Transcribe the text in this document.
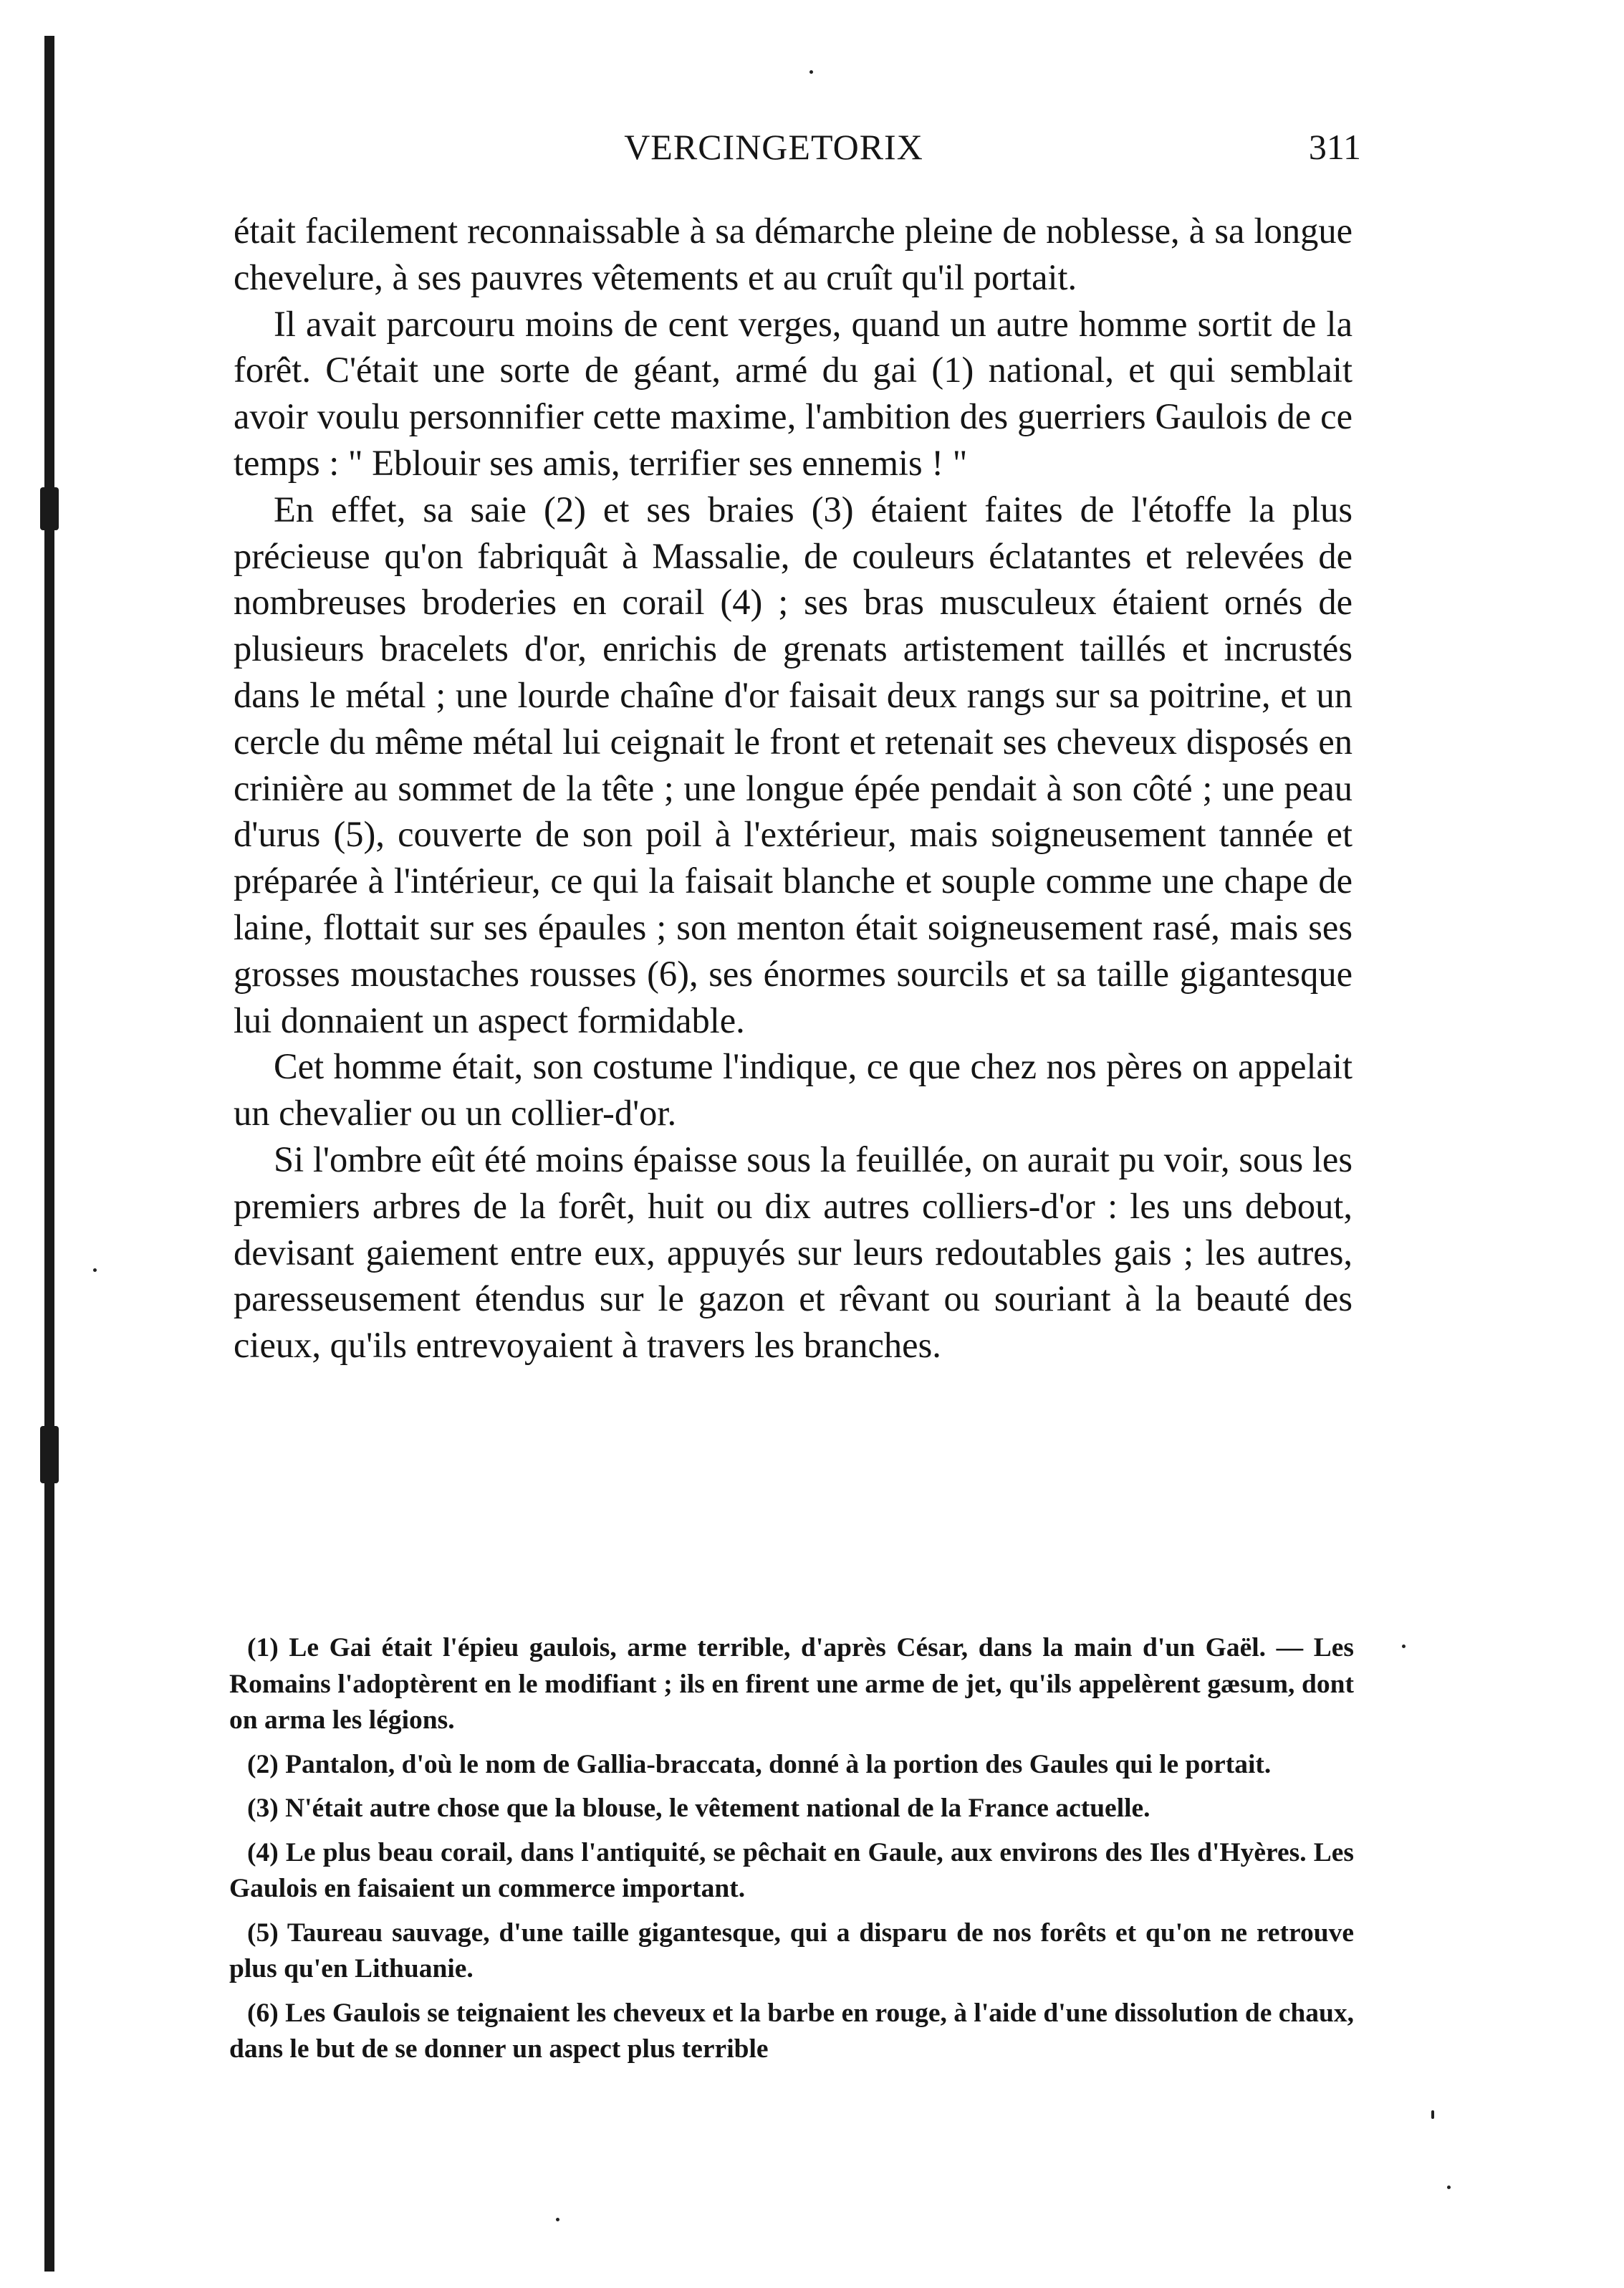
VERCINGETORIX	311

était facilement reconnaissable à sa démarche pleine de noblesse, à sa longue chevelure, à ses pauvres vêtements et au cruît qu'il portait.

Il avait parcouru moins de cent verges, quand un autre homme sortit de la forêt. C'était une sorte de géant, armé du gai (1) national, et qui semblait avoir voulu personnifier cette maxime, l'ambition des guerriers Gaulois de ce temps : " Eblouir ses amis, terrifier ses ennemis ! "

En effet, sa saie (2) et ses braies (3) étaient faites de l'étoffe la plus précieuse qu'on fabriquât à Massalie, de couleurs éclatantes et relevées de nombreuses broderies en corail (4) ; ses bras musculeux étaient ornés de plusieurs bracelets d'or, enrichis de grenats artistement taillés et incrustés dans le métal ; une lourde chaîne d'or faisait deux rangs sur sa poitrine, et un cercle du même métal lui ceignait le front et retenait ses cheveux disposés en crinière au sommet de la tête ; une longue épée pendait à son côté ; une peau d'urus (5), couverte de son poil à l'extérieur, mais soigneusement tannée et préparée à l'intérieur, ce qui la faisait blanche et souple comme une chape de laine, flottait sur ses épaules ; son menton était soigneusement rasé, mais ses grosses moustaches rousses (6), ses énormes sourcils et sa taille gigantesque lui donnaient un aspect formidable.

Cet homme était, son costume l'indique, ce que chez nos pères on appelait un chevalier ou un collier-d'or.

Si l'ombre eût été moins épaisse sous la feuillée, on aurait pu voir, sous les premiers arbres de la forêt, huit ou dix autres colliers-d'or : les uns debout, devisant gaiement entre eux, appuyés sur leurs redoutables gais ; les autres, paresseusement étendus sur le gazon et rêvant ou souriant à la beauté des cieux, qu'ils entrevoyaient à travers les branches.

(1) Le Gai était l'épieu gaulois, arme terrible, d'après César, dans la main d'un Gaël. — Les Romains l'adoptèrent en le modifiant ; ils en firent une arme de jet, qu'ils appelèrent gæsum, dont on arma les légions.

(2) Pantalon, d'où le nom de Gallia-braccata, donné à la portion des Gaules qui le portait.

(3) N'était autre chose que la blouse, le vêtement national de la France actuelle.

(4) Le plus beau corail, dans l'antiquité, se pêchait en Gaule, aux environs des Iles d'Hyères. Les Gaulois en faisaient un commerce important.

(5) Taureau sauvage, d'une taille gigantesque, qui a disparu de nos forêts et qu'on ne retrouve plus qu'en Lithuanie.

(6) Les Gaulois se teignaient les cheveux et la barbe en rouge, à l'aide d'une dissolution de chaux, dans le but de se donner un aspect plus terrible
